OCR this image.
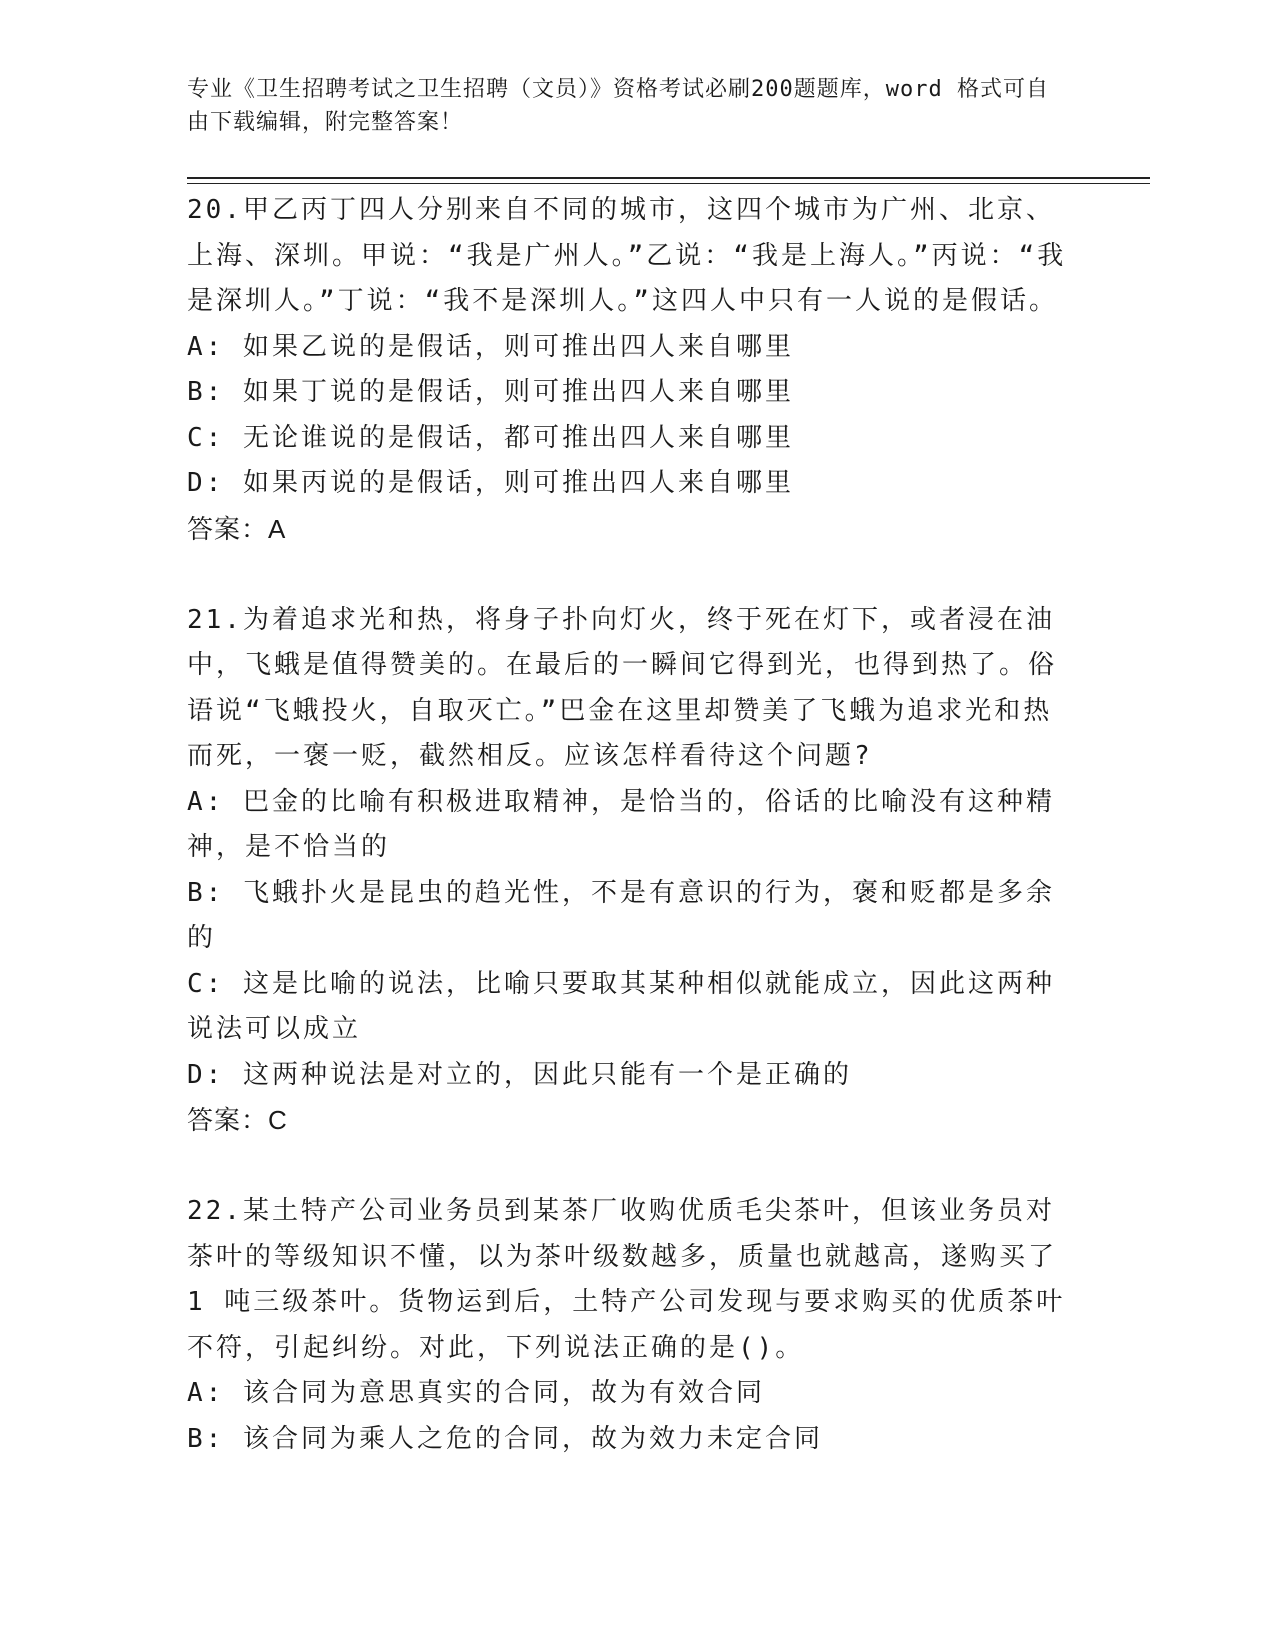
专业《卫生招聘考试之卫生招聘（文员）》资格考试必刷200题题库，word 格式可自由下载编辑，附完整答案！

20.甲乙丙丁四人分别来自不同的城市，这四个城市为广州、北京、上海、深圳。甲说：“我是广州人。”乙说：“我是上海人。”丙说：“我是深圳人。”丁说：“我不是深圳人。”这四人中只有一人说的是假话。

A: 如果乙说的是假话，则可推出四人来自哪里

B: 如果丁说的是假话，则可推出四人来自哪里

C: 无论谁说的是假话，都可推出四人来自哪里

D: 如果丙说的是假话，则可推出四人来自哪里

答案：A

21.为着追求光和热，将身子扑向灯火，终于死在灯下，或者浸在油中，飞蛾是值得赞美的。在最后的一瞬间它得到光，也得到热了。俗语说“飞蛾投火，自取灭亡。”巴金在这里却赞美了飞蛾为追求光和热而死，一褒一贬，截然相反。应该怎样看待这个问题?

A: 巴金的比喻有积极进取精神，是恰当的，俗话的比喻没有这种精神，是不恰当的

B: 飞蛾扑火是昆虫的趋光性，不是有意识的行为，褒和贬都是多余的

C: 这是比喻的说法，比喻只要取其某种相似就能成立，因此这两种说法可以成立

D: 这两种说法是对立的，因此只能有一个是正确的

答案：C

22.某土特产公司业务员到某茶厂收购优质毛尖茶叶，但该业务员对茶叶的等级知识不懂，以为茶叶级数越多，质量也就越高，遂购买了 1 吨三级茶叶。货物运到后，土特产公司发现与要求购买的优质茶叶不符，引起纠纷。对此，下列说法正确的是()。

A: 该合同为意思真实的合同，故为有效合同

B: 该合同为乘人之危的合同，故为效力未定合同
